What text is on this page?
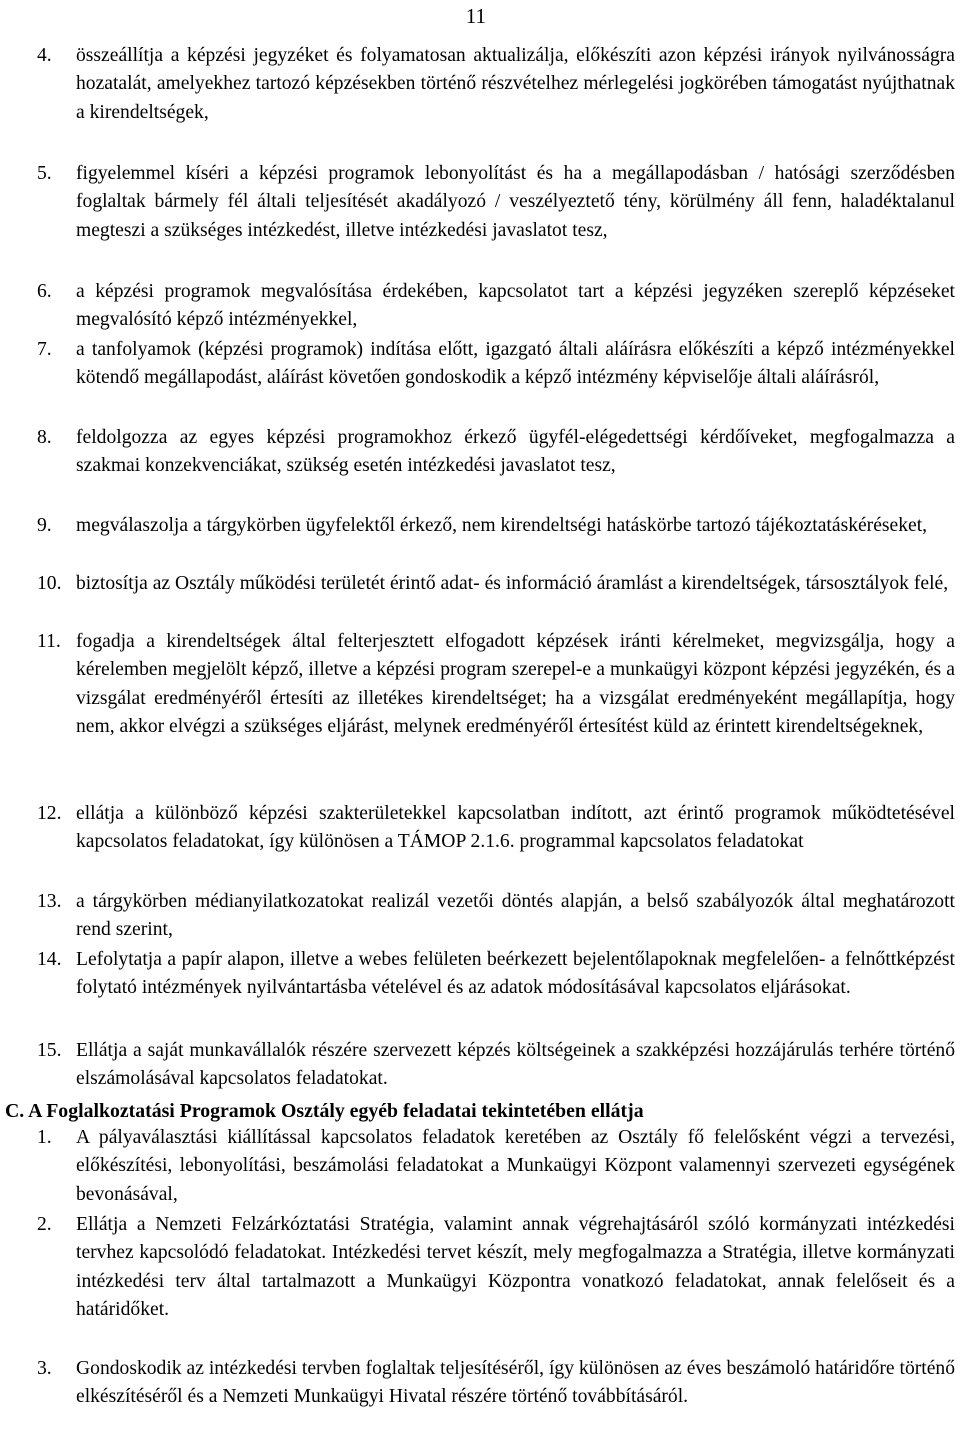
11
4. összeállítja a képzési jegyzéket és folyamatosan aktualizálja, előkészíti azon képzési irányok nyilvánosságra hozatalát, amelyekhez tartozó képzésekben történő részvételhez mérlegelési jogkörében támogatást nyújthatnak a kirendeltségek,
5. figyelemmel kíséri a képzési programok lebonyolítást és ha a megállapodásban / hatósági szerződésben foglaltak bármely fél általi teljesítését akadályozó / veszélyeztető tény, körülmény áll fenn, haladéktalanul megteszi a szükséges intézkedést, illetve intézkedési javaslatot tesz,
6. a képzési programok megvalósítása érdekében, kapcsolatot tart a képzési jegyzéken szereplő képzéseket megvalósító képző intézményekkel,
7. a tanfolyamok (képzési programok) indítása előtt, igazgató általi aláírásra előkészíti a képző intézményekkel kötendő megállapodást, aláírást követően gondoskodik a képző intézmény képviselője általi aláírásról,
8. feldolgozza az egyes képzési programokhoz érkező ügyfél-elégedettségi kérdőíveket, megfogalmazza a szakmai konzekvenciákat, szükség esetén intézkedési javaslatot tesz,
9. megválaszolja a tárgykörben ügyfelektől érkező, nem kirendeltségi hatáskörbe tartozó tájékoztatáskéréseket,
10. biztosítja az Osztály működési területét érintő adat- és információ áramlást a kirendeltségek, társosztályok felé,
11. fogadja a kirendeltségek által felterjesztett elfogadott képzések iránti kérelmeket, megvizsgálja, hogy a kérelemben megjelölt képző, illetve a képzési program szerepel-e a munkaügyi központ képzési jegyzékén, és a vizsgálat eredményéről értesíti az illetékes kirendeltséget; ha a vizsgálat eredményeként megállapítja, hogy nem, akkor elvégzi a szükséges eljárást, melynek eredményéről értesítést küld az érintett kirendeltségeknek,
12. ellátja a különböző képzési szakterületekkel kapcsolatban indított, azt érintő programok működtetésével kapcsolatos feladatokat, így különösen a TÁMOP 2.1.6. programmal kapcsolatos feladatokat
13. a tárgykörben médianyilatkozatokat realizál vezetői döntés alapján, a belső szabályozók által meghatározott rend szerint,
14. Lefolytatja a papír alapon, illetve a webes felületen beérkezett bejelentőlapoknak megfelelően- a felnőttképzést folytató intézmények nyilvántartásba vételével és az adatok módosításával kapcsolatos eljárásokat.
15. Ellátja a saját munkavállalók részére szervezett képzés költségeinek a szakképzési hozzájárulás terhére történő elszámolásával kapcsolatos feladatokat.
C. A Foglalkoztatási Programok Osztály egyéb feladatai tekintetében ellátja
1. A pályaválasztási kiállítással kapcsolatos feladatok keretében az Osztály fő felelősként végzi a tervezési, előkészítési, lebonyolítási, beszámolási feladatokat a Munkaügyi Központ valamennyi szervezeti egységének bevonásával,
2. Ellátja a Nemzeti Felzárkóztatási Stratégia, valamint annak végrehajtásáról szóló kormányzati intézkedési tervhez kapcsolódó feladatokat. Intézkedési tervet készít, mely megfogalmazza a Stratégia, illetve kormányzati intézkedési terv által tartalmazott a Munkaügyi Központra vonatkozó feladatokat, annak felelőseit és a határidőket.
3. Gondoskodik az intézkedési tervben foglaltak teljesítéséről, így különösen az éves beszámoló határidőre történő elkészítéséről és a Nemzeti Munkaügyi Hivatal részére történő továbbításáról.
